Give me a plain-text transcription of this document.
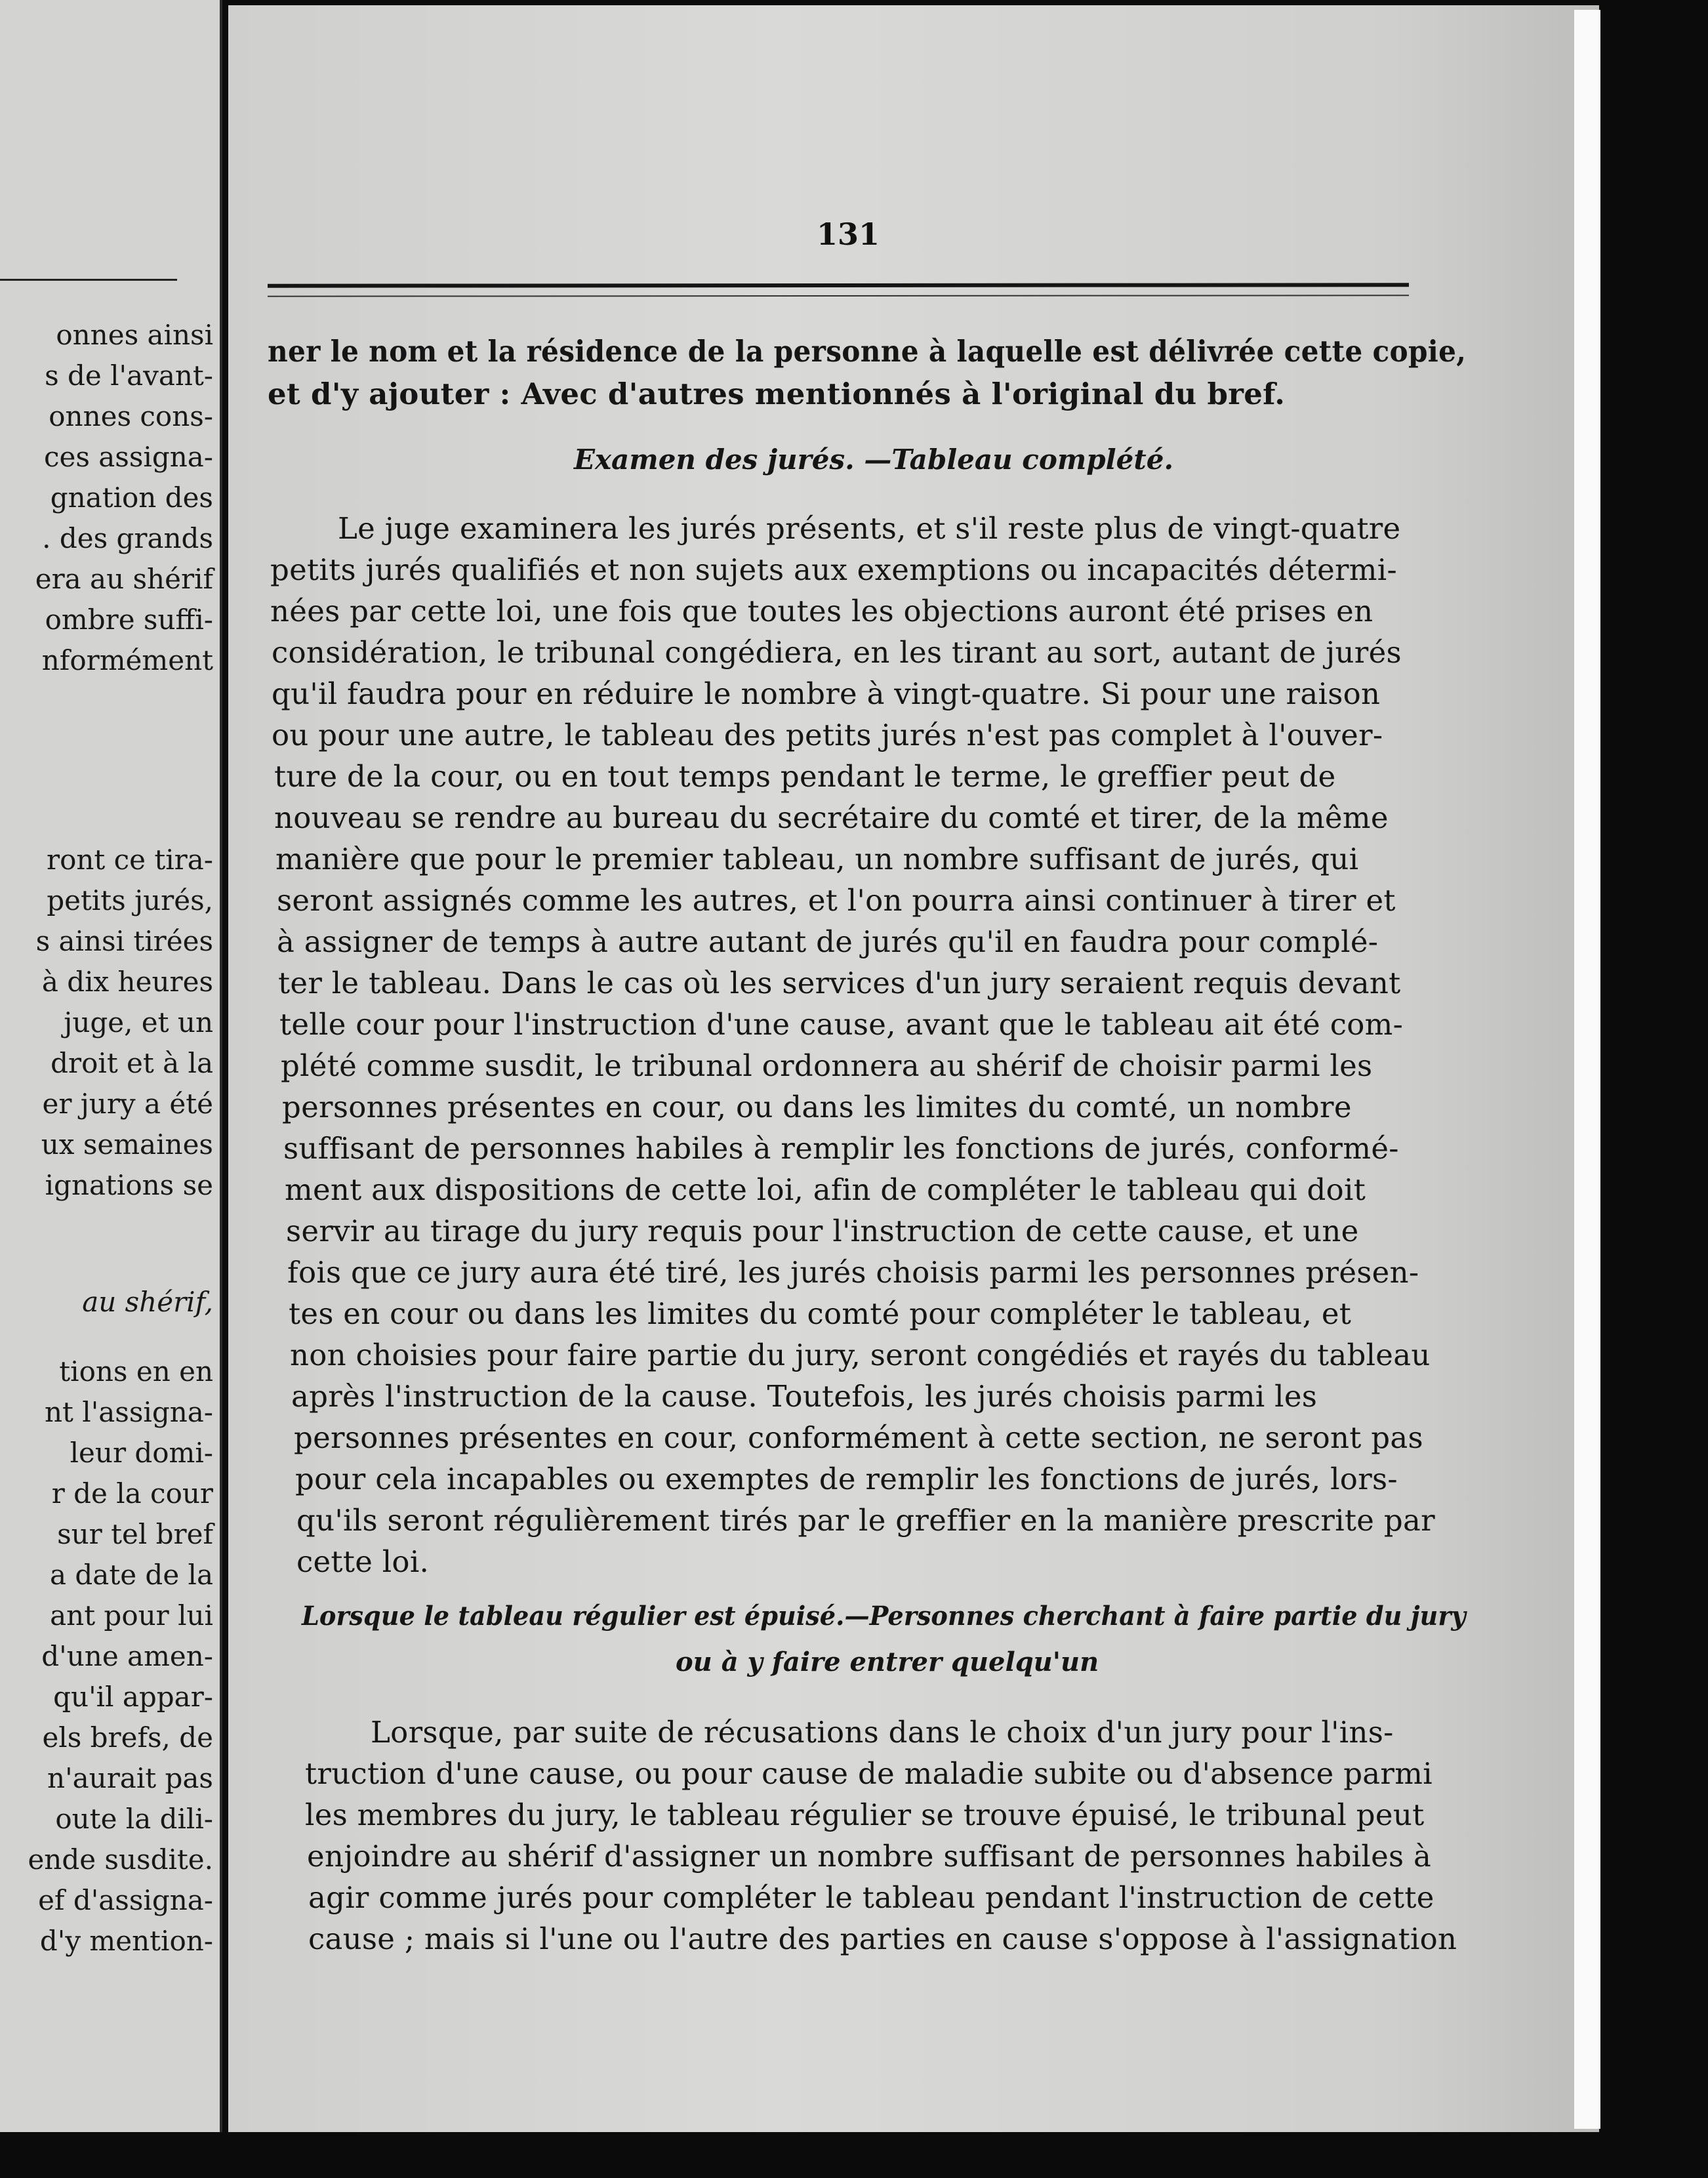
onnes ainsi
s de l'avant-
onnes cons-
ces assigna-
gnation des
. des grands
era au shérif
ombre suffi-
nformément
ront ce tira-
petits jurés,
s ainsi tirées
à dix heures
juge, et un
droit et à la
er jury a été
ux semaines
ignations se
au shérif,
tions en en
nt l'assigna-
leur domi-
r de la cour
sur tel bref
a date de la
ant pour lui
d'une amen-
qu'il appar-
els brefs, de
n'aurait pas
oute la dili-
ende susdite.
ef d'assigna-
d'y mention-
131
ner le nom et la résidence de la personne à laquelle est délivrée cette copie,
et d'y ajouter : Avec d'autres mentionnés à l'original du bref.
Examen des jurés. —Tableau complété.
Le juge examinera les jurés présents, et s'il reste plus de vingt-quatre
petits jurés qualifiés et non sujets aux exemptions ou incapacités détermi-
nées par cette loi, une fois que toutes les objections auront été prises en
considération, le tribunal congédiera, en les tirant au sort, autant de jurés
qu'il faudra pour en réduire le nombre à vingt-quatre. Si pour une raison
ou pour une autre, le tableau des petits jurés n'est pas complet à l'ouver-
ture de la cour, ou en tout temps pendant le terme, le greffier peut de
nouveau se rendre au bureau du secrétaire du comté et tirer, de la même
manière que pour le premier tableau, un nombre suffisant de jurés, qui
seront assignés comme les autres, et l'on pourra ainsi continuer à tirer et
à assigner de temps à autre autant de jurés qu'il en faudra pour complé-
ter le tableau. Dans le cas où les services d'un jury seraient requis devant
telle cour pour l'instruction d'une cause, avant que le tableau ait été com-
plété comme susdit, le tribunal ordonnera au shérif de choisir parmi les
personnes présentes en cour, ou dans les limites du comté, un nombre
suffisant de personnes habiles à remplir les fonctions de jurés, conformé-
ment aux dispositions de cette loi, afin de compléter le tableau qui doit
servir au tirage du jury requis pour l'instruction de cette cause, et une
fois que ce jury aura été tiré, les jurés choisis parmi les personnes présen-
tes en cour ou dans les limites du comté pour compléter le tableau, et
non choisies pour faire partie du jury, seront congédiés et rayés du tableau
après l'instruction de la cause. Toutefois, les jurés choisis parmi les
personnes présentes en cour, conformément à cette section, ne seront pas
pour cela incapables ou exemptes de remplir les fonctions de jurés, lors-
qu'ils seront régulièrement tirés par le greffier en la manière prescrite par
cette loi.
Lorsque le tableau régulier est épuisé.—Personnes cherchant à faire partie du jury
ou à y faire entrer quelqu'un
Lorsque, par suite de récusations dans le choix d'un jury pour l'ins-
truction d'une cause, ou pour cause de maladie subite ou d'absence parmi
les membres du jury, le tableau régulier se trouve épuisé, le tribunal peut
enjoindre au shérif d'assigner un nombre suffisant de personnes habiles à
agir comme jurés pour compléter le tableau pendant l'instruction de cette
cause ; mais si l'une ou l'autre des parties en cause s'oppose à l'assignation
